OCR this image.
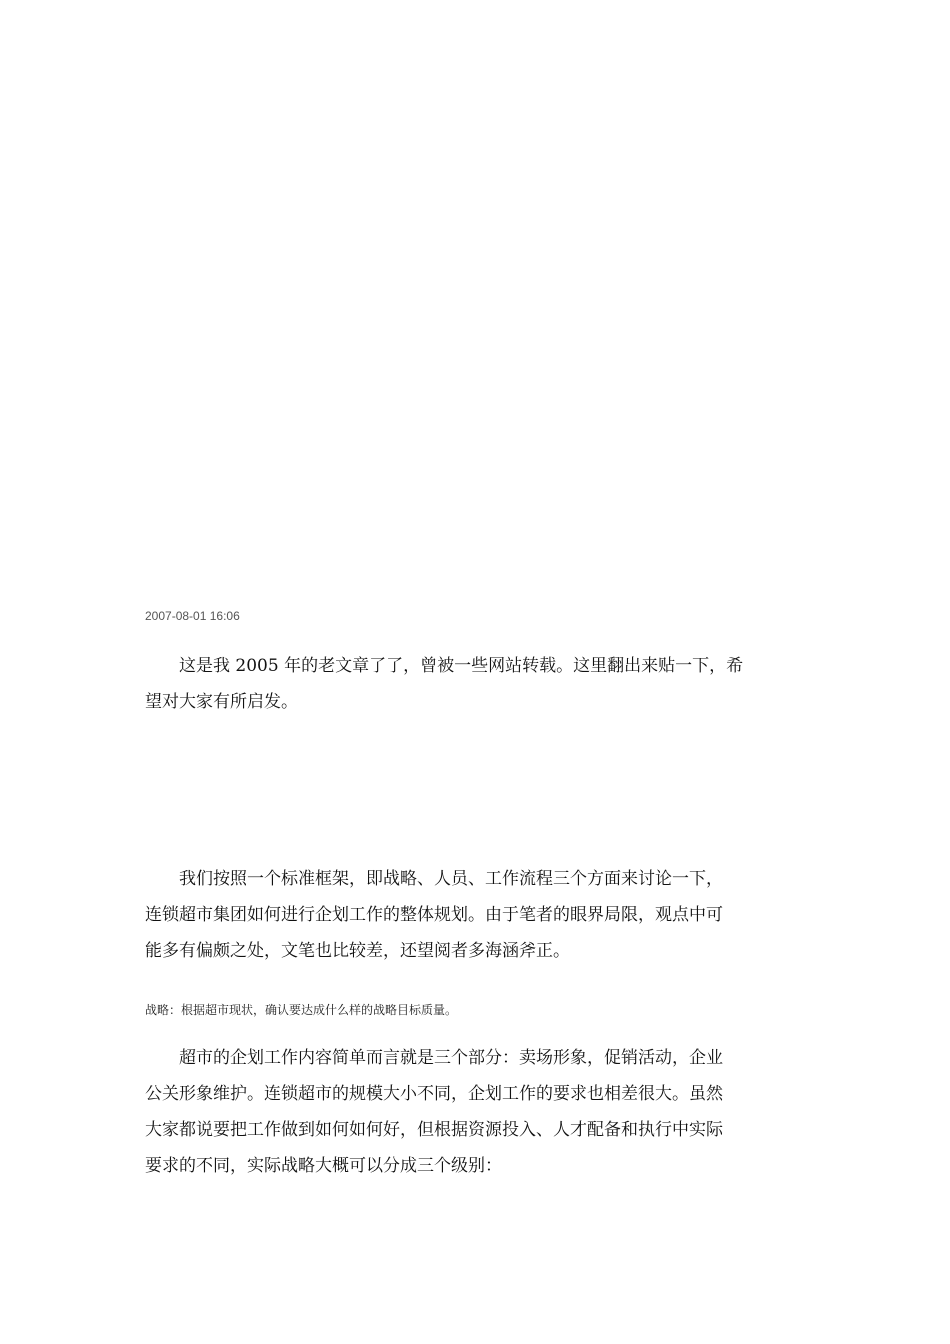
2007-08-01 16:06
这是我 2005 年的老文章了了，曾被一些网站转载。这里翻出来贴一下，希
望对大家有所启发。
我们按照一个标准框架，即战略、人员、工作流程三个方面来讨论一下，
连锁超市集团如何进行企划工作的整体规划。由于笔者的眼界局限，观点中可
能多有偏颇之处，文笔也比较差，还望阅者多海涵斧正。
战略：根据超市现状，确认要达成什么样的战略目标质量。
超市的企划工作内容简单而言就是三个部分：卖场形象，促销活动，企业
公关形象维护。连锁超市的规模大小不同，企划工作的要求也相差很大。虽然
大家都说要把工作做到如何如何好，但根据资源投入、人才配备和执行中实际
要求的不同，实际战略大概可以分成三个级别：
